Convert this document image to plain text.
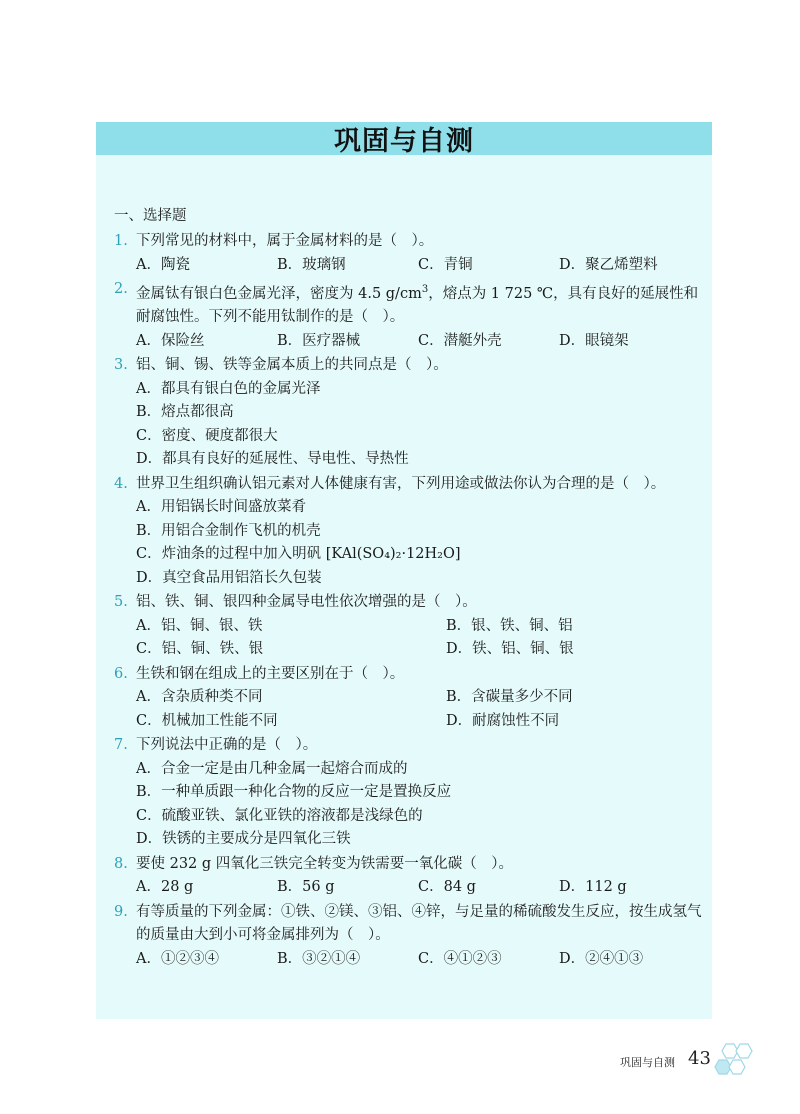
巩固与自测
一、选择题
1. 下列常见的材料中，属于金属材料的是（　）。
A．陶瓷	B．玻璃钢	C．青铜	D．聚乙烯塑料
2. 金属钛有银白色金属光泽，密度为 4.5 $g/cm^3$，熔点为 1 725 ℃，具有良好的延展性和耐腐蚀性。下列不能用钛制作的是（　）。
A．保险丝	B．医疗器械	C．潜艇外壳	D．眼镜架
3. 铝、铜、锡、铁等金属本质上的共同点是（　）。
A．都具有银白色的金属光泽
B．熔点都很高
C．密度、硬度都很大
D．都具有良好的延展性、导电性、导热性
4. 世界卫生组织确认铝元素对人体健康有害，下列用途或做法你认为合理的是（　）。
A．用铝锅长时间盛放菜肴
B．用铝合金制作飞机的机壳
C．炸油条的过程中加入明矾 [KAl(SO₄)₂·12H₂O]
D．真空食品用铝箔长久包装
5. 铝、铁、铜、银四种金属导电性依次增强的是（　）。
A．铝、铜、银、铁	B．银、铁、铜、铝
C．铝、铜、铁、银	D．铁、铝、铜、银
6. 生铁和钢在组成上的主要区别在于（　）。
A．含杂质种类不同	B．含碳量多少不同
C．机械加工性能不同	D．耐腐蚀性不同
7. 下列说法中正确的是（　）。
A．合金一定是由几种金属一起熔合而成的
B．一种单质跟一种化合物的反应一定是置换反应
C．硫酸亚铁、氯化亚铁的溶液都是浅绿色的
D．铁锈的主要成分是四氧化三铁
8. 要使 232 g 四氧化三铁完全转变为铁需要一氧化碳（　）。
A．28 g	B．56 g	C．84 g	D．112 g
9. 有等质量的下列金属：①铁、②镁、③铝、④锌，与足量的稀硫酸发生反应，按生成氢气的质量由大到小可将金属排列为（　）。
A．①②③④	B．③②①④	C．④①②③	D．②④①③
巩固与自测 43
